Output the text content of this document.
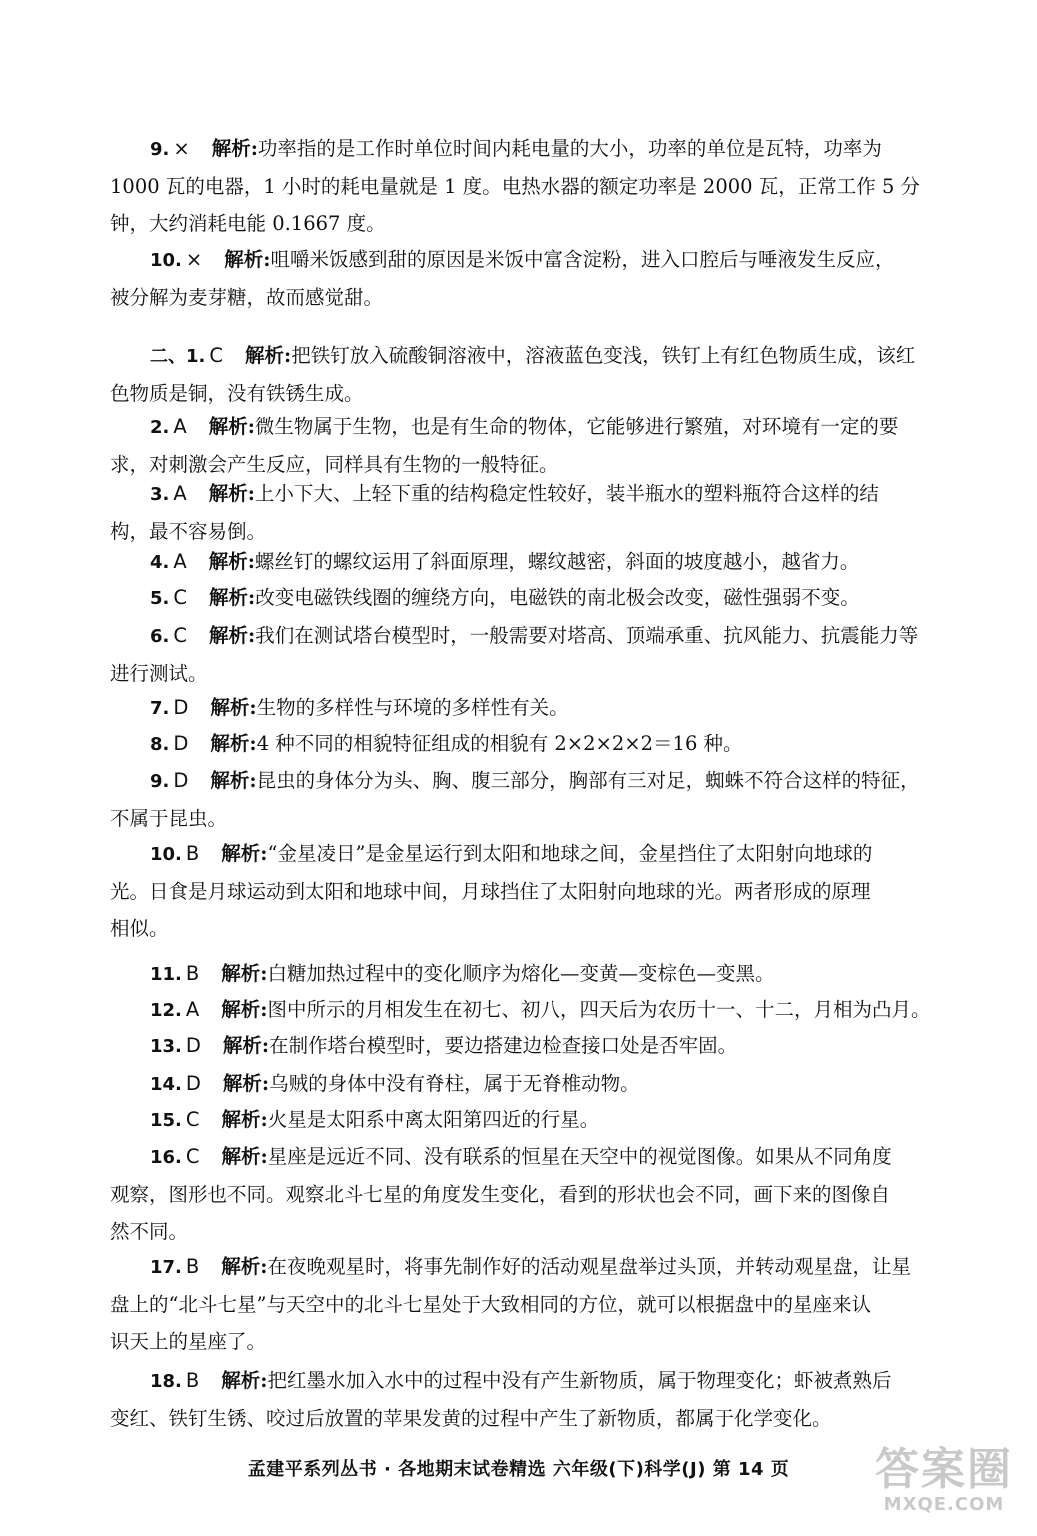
9. × 解析:功率指的是工作时单位时间内耗电量的大小，功率的单位是瓦特，功率为
1000 瓦的电器，1 小时的耗电量就是 1 度。电热水器的额定功率是 2000 瓦，正常工作 5 分
钟，大约消耗电能 0.1667 度。
10. × 解析:咀嚼米饭感到甜的原因是米饭中富含淀粉，进入口腔后与唾液发生反应，
被分解为麦芽糖，故而感觉甜。
二、1. C 解析:把铁钉放入硫酸铜溶液中，溶液蓝色变浅，铁钉上有红色物质生成，该红
色物质是铜，没有铁锈生成。
2. A 解析:微生物属于生物，也是有生命的物体，它能够进行繁殖，对环境有一定的要
求，对刺激会产生反应，同样具有生物的一般特征。
3. A 解析:上小下大、上轻下重的结构稳定性较好，装半瓶水的塑料瓶符合这样的结
构，最不容易倒。
4. A 解析:螺丝钉的螺纹运用了斜面原理，螺纹越密，斜面的坡度越小，越省力。
5. C 解析:改变电磁铁线圈的缠绕方向，电磁铁的南北极会改变，磁性强弱不变。
6. C 解析:我们在测试塔台模型时，一般需要对塔高、顶端承重、抗风能力、抗震能力等
进行测试。
7. D 解析:生物的多样性与环境的多样性有关。
8. D 解析:4 种不同的相貌特征组成的相貌有 2×2×2×2＝16 种。
9. D 解析:昆虫的身体分为头、胸、腹三部分，胸部有三对足，蜘蛛不符合这样的特征，
不属于昆虫。
10. B 解析:“金星凌日”是金星运行到太阳和地球之间，金星挡住了太阳射向地球的
光。日食是月球运动到太阳和地球中间，月球挡住了太阳射向地球的光。两者形成的原理
相似。
11. B 解析:白糖加热过程中的变化顺序为熔化—变黄—变棕色—变黑。
12. A 解析:图中所示的月相发生在初七、初八，四天后为农历十一、十二，月相为凸月。
13. D 解析:在制作塔台模型时，要边搭建边检查接口处是否牢固。
14. D 解析:乌贼的身体中没有脊柱，属于无脊椎动物。
15. C 解析:火星是太阳系中离太阳第四近的行星。
16. C 解析:星座是远近不同、没有联系的恒星在天空中的视觉图像。如果从不同角度
观察，图形也不同。观察北斗七星的角度发生变化，看到的形状也会不同，画下来的图像自
然不同。
17. B 解析:在夜晚观星时，将事先制作好的活动观星盘举过头顶，并转动观星盘，让星
盘上的“北斗七星”与天空中的北斗七星处于大致相同的方位，就可以根据盘中的星座来认
识天上的星座了。
18. B 解析:把红墨水加入水中的过程中没有产生新物质，属于物理变化；虾被煮熟后
变红、铁钉生锈、咬过后放置的苹果发黄的过程中产生了新物质，都属于化学变化。
孟建平系列丛书 · 各地期末试卷精选 六年级(下)科学(J) 第 14 页	答案圈
MXQE.COM
